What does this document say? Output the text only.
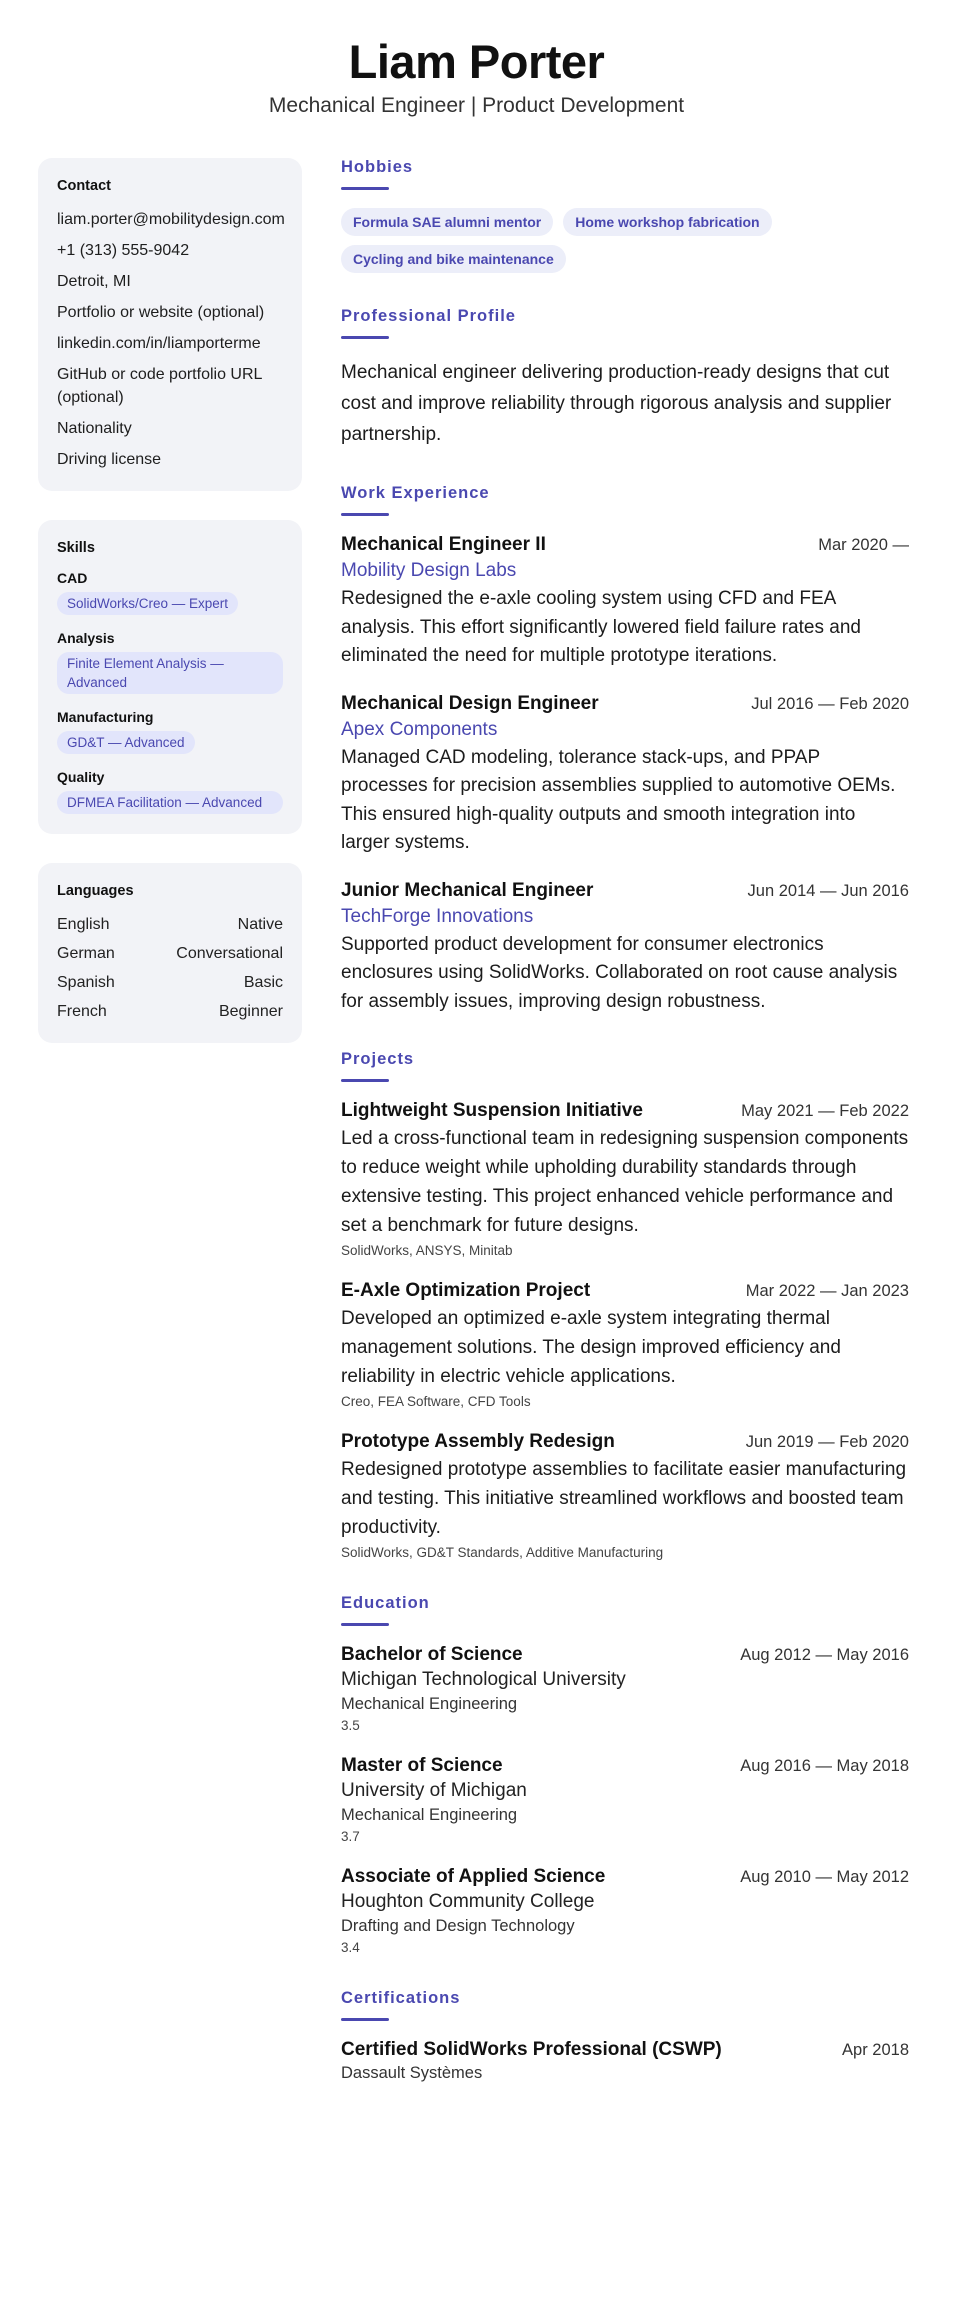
Liam Porter
Mechanical Engineer | Product Development
Contact
liam.porter@mobilitydesign.com
+1 (313) 555-9042
Detroit, MI
Portfolio or website (optional)
linkedin.com/in/liamporterme
GitHub or code portfolio URL (optional)
Nationality
Driving license
Skills
CAD
SolidWorks/Creo — Expert
Analysis
Finite Element Analysis — Advanced
Manufacturing
GD&T — Advanced
Quality
DFMEA Facilitation — Advanced
Languages
English	Native
German	Conversational
Spanish	Basic
French	Beginner
Hobbies
Formula SAE alumni mentor	Home workshop fabrication
Cycling and bike maintenance
Professional Profile

Mechanical engineer delivering production-ready designs that cut cost and improve reliability through rigorous analysis and supplier partnership.

Work Experience
Mechanical Engineer II	Mar 2020 —
Mobility Design Labs

Redesigned the e-axle cooling system using CFD and FEA analysis. This effort significantly lowered field failure rates and eliminated the need for multiple prototype iterations.

Mechanical Design Engineer	Jul 2016 — Feb 2020
Apex Components

Managed CAD modeling, tolerance stack-ups, and PPAP processes for precision assemblies supplied to automotive OEMs. This ensured high-quality outputs and smooth integration into larger systems.

Junior Mechanical Engineer	Jun 2014 — Jun 2016
TechForge Innovations

Supported product development for consumer electronics enclosures using SolidWorks. Collaborated on root cause analysis for assembly issues, improving design robustness.

Projects
Lightweight Suspension Initiative	May 2021 — Feb 2022

Led a cross-functional team in redesigning suspension components to reduce weight while upholding durability standards through extensive testing. This project enhanced vehicle performance and set a benchmark for future designs.

SolidWorks, ANSYS, Minitab
E-Axle Optimization Project	Mar 2022 — Jan 2023

Developed an optimized e-axle system integrating thermal management solutions. The design improved efficiency and reliability in electric vehicle applications.

Creo, FEA Software, CFD Tools
Prototype Assembly Redesign	Jun 2019 — Feb 2020

Redesigned prototype assemblies to facilitate easier manufacturing and testing. This initiative streamlined workflows and boosted team productivity.

SolidWorks, GD&T Standards, Additive Manufacturing
Education
Bachelor of Science	Aug 2012 — May 2016
Michigan Technological University
Mechanical Engineering
3.5
Master of Science	Aug 2016 — May 2018
University of Michigan
Mechanical Engineering
3.7
Associate of Applied Science	Aug 2010 — May 2012
Houghton Community College
Drafting and Design Technology
3.4
Certifications
Certified SolidWorks Professional (CSWP)	Apr 2018
Dassault Systèmes
